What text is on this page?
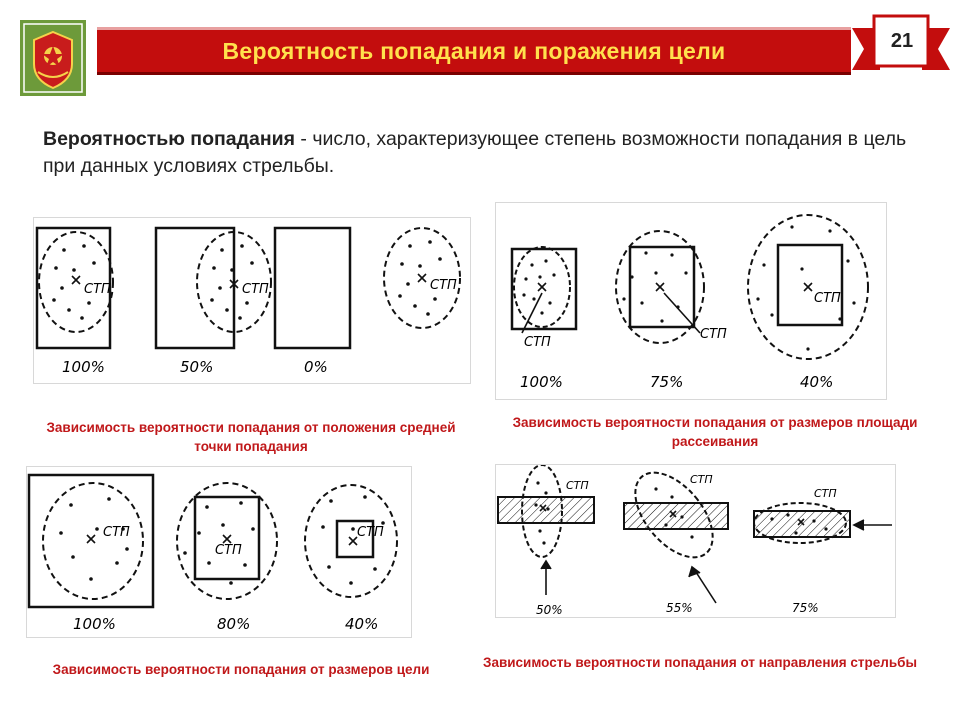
Вероятность попадания и поражения цели	21
Вероятностью попадания - число, характеризующее степень возможности попадания в цель при данных условиях стрельбы.
СТП	СТП	СТП
100%	50%	0%
Зависимость вероятности попадания от положения средней точки попадания
СТП
СТП
СТП
100%	75%	40%
Зависимость вероятности попадания от размеров площади рассеивания
СТП
СТП
СТП
100%	80%	40%
Зависимость вероятности попадания от размеров цели
СТП	СТП
СТП
50%	55%	75%
Зависимость вероятности попадания от направления стрельбы
